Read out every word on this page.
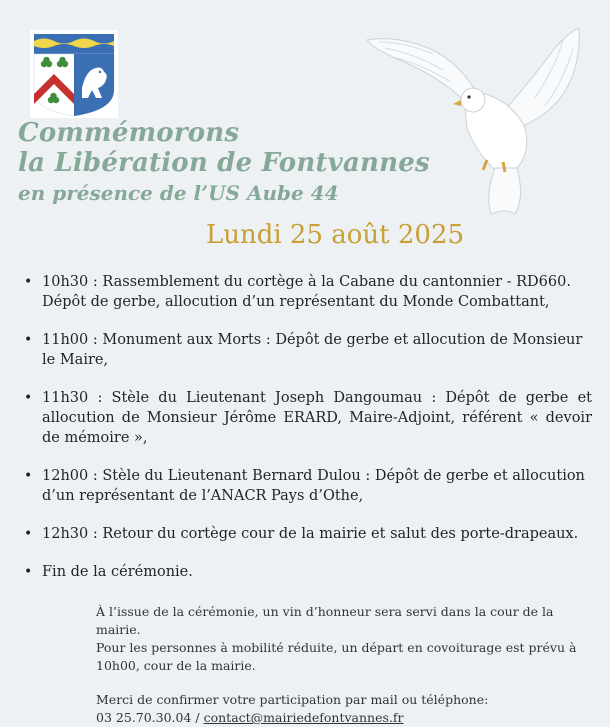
Commémorons
la Libération de Fontvannes

en présence de l’US Aube 44

Lundi 25 août 2025

• 10h30 : Rassemblement du cortège à la Cabane du cantonnier - RD660. Dépôt de gerbe, allocution d’un représentant du Monde Combattant,
• 11h00 : Monument aux Morts : Dépôt de gerbe et allocution de Monsieur le Maire,
• 11h30 : Stèle du Lieutenant Joseph Dangoumau : Dépôt de gerbe et allocution de Monsieur Jérôme ERARD, Maire-Adjoint, référent « devoir de mémoire »,
• 12h00 : Stèle du Lieutenant Bernard Dulou : Dépôt de gerbe et allocution d’un représentant de l’ANACR Pays d’Othe,
• 12h30 : Retour du cortège cour de la mairie et salut des porte-drapeaux.
• Fin de la cérémonie.

À l’issue de la cérémonie, un vin d’honneur sera servi dans la cour de la mairie.

Pour les personnes à mobilité réduite, un départ en covoiturage est prévu à 10h00, cour de la mairie.

Merci de confirmer votre participation par mail ou téléphone:

03 25.70.30.04 / contact@mairiedefontvannes.fr
